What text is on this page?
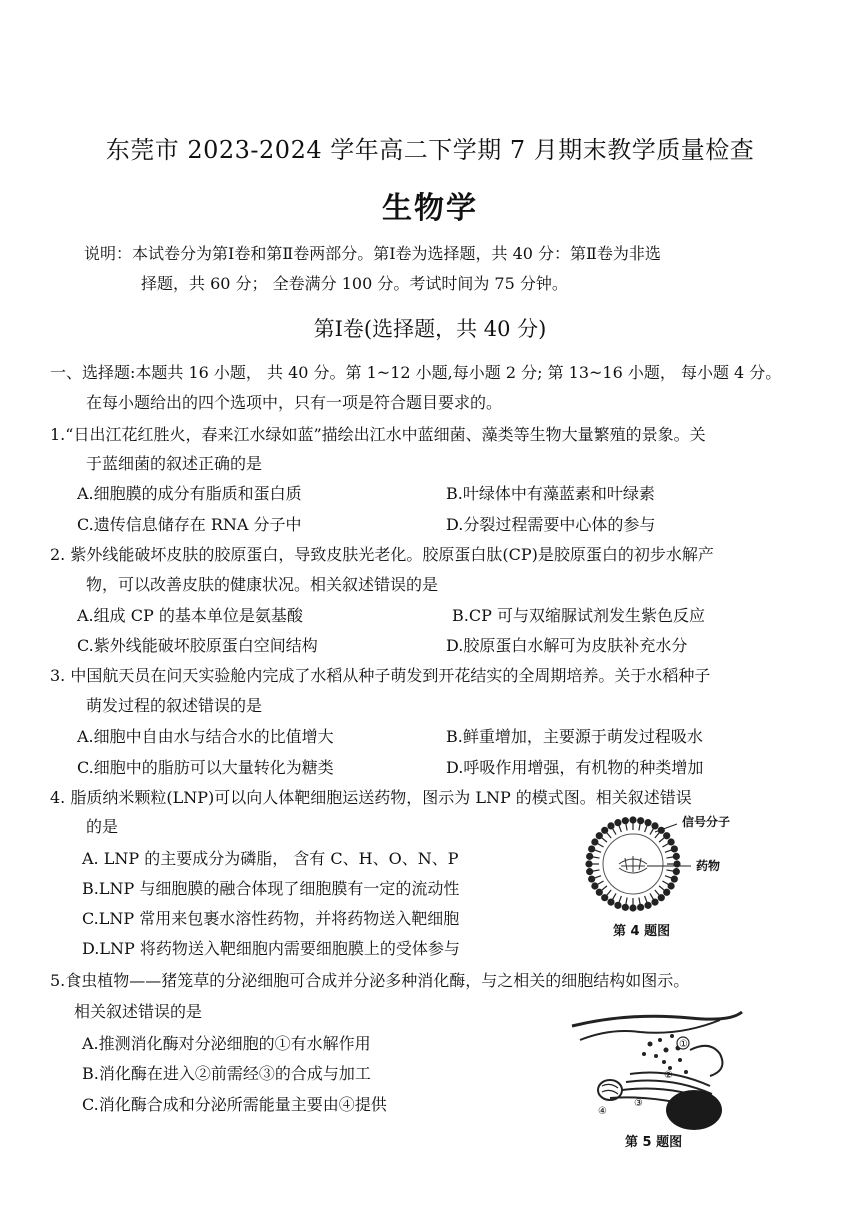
东莞市 2023-2024 学年高二下学期 7 月期末教学质量检查
生物学
说明：本试卷分为第Ⅰ卷和第Ⅱ卷两部分。第Ⅰ卷为选择题，共 40 分：第Ⅱ卷为非选
择题，共 60 分； 全卷满分 100 分。考试时间为 75 分钟。
第Ⅰ卷(选择题，共 40 分)
一、选择题:本题共 16 小题， 共 40 分。第 1~12 小题,每小题 2 分; 第 13~16 小题， 每小题 4 分。
在每小题给出的四个选项中，只有一项是符合题目要求的。
1.“日出江花红胜火，春来江水绿如蓝”描绘出江水中蓝细菌、藻类等生物大量繁殖的景象。关
于蓝细菌的叙述正确的是
A.细胞膜的成分有脂质和蛋白质	B.叶绿体中有藻蓝素和叶绿素
C.遗传信息储存在 RNA 分子中	D.分裂过程需要中心体的参与
2. 紫外线能破坏皮肤的胶原蛋白，导致皮肤光老化。胶原蛋白肽(CP)是胶原蛋白的初步水解产
物，可以改善皮肤的健康状况。相关叙述错误的是
A.组成 CP 的基本单位是氨基酸	B.CP 可与双缩脲试剂发生紫色反应
C.紫外线能破坏胶原蛋白空间结构	D.胶原蛋白水解可为皮肤补充水分
3. 中国航天员在问天实验舱内完成了水稻从种子萌发到开花结实的全周期培养。关于水稻种子
萌发过程的叙述错误的是
A.细胞中自由水与结合水的比值增大	B.鲜重增加，主要源于萌发过程吸水
C.细胞中的脂肪可以大量转化为糖类	D.呼吸作用增强，有机物的种类增加
4. 脂质纳米颗粒(LNP)可以向人体靶细胞运送药物，图示为 LNP 的模式图。相关叙述错误
的是
A. LNP 的主要成分为磷脂， 含有 C、H、O、N、P
B.LNP 与细胞膜的融合体现了细胞膜有一定的流动性
C.LNP 常用来包裹水溶性药物，并将药物送入靶细胞
D.LNP 将药物送入靶细胞内需要细胞膜上的受体参与
信号分子
药物
第 4 题图
5.食虫植物——猪笼草的分泌细胞可合成并分泌多种消化酶，与之相关的细胞结构如图示。
相关叙述错误的是
A.推测消化酶对分泌细胞的①有水解作用
B.消化酶在进入②前需经③的合成与加工
C.消化酶合成和分泌所需能量主要由④提供
①
②
③
④
第 5 题图
